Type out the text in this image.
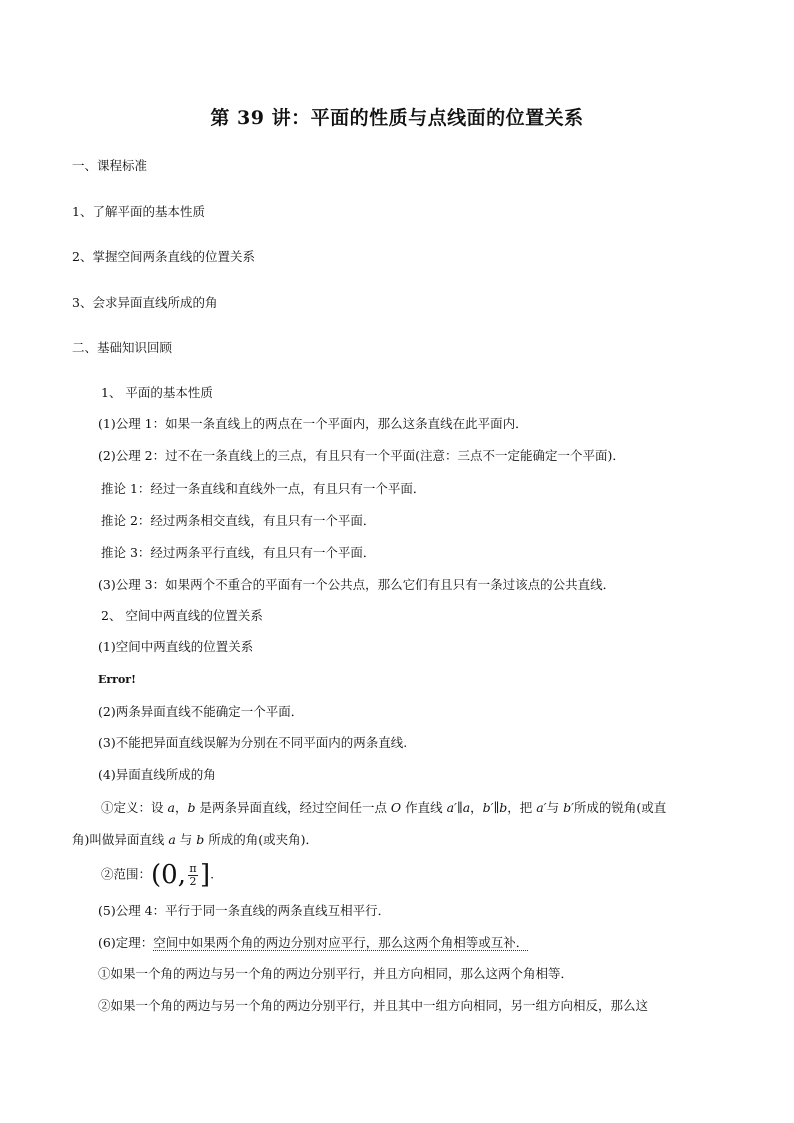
第 39 讲：平面的性质与点线面的位置关系
一、课程标准
1、了解平面的基本性质
2、掌握空间两条直线的位置关系
3、会求异面直线所成的角
二、基础知识回顾
1、 平面的基本性质
(1)公理 1：如果一条直线上的两点在一个平面内，那么这条直线在此平面内．
(2)公理 2：过不在一条直线上的三点，有且只有一个平面(注意：三点不一定能确定一个平面)．
推论 1：经过一条直线和直线外一点，有且只有一个平面．
推论 2：经过两条相交直线，有且只有一个平面．
推论 3：经过两条平行直线，有且只有一个平面．
(3)公理 3：如果两个不重合的平面有一个公共点，那么它们有且只有一条过该点的公共直线．
2、 空间中两直线的位置关系
(1)空间中两直线的位置关系
Error!
(2)两条异面直线不能确定一个平面．
(3)不能把异面直线误解为分别在不同平面内的两条直线.
(4)异面直线所成的角
①定义：设 a，b 是两条异面直线，经过空间任一点 O 作直线 a′∥a，b′∥b，把 a′与 b′所成的锐角(或直
角)叫做异面直线 a 与 b 所成的角(或夹角)．
②范围： (0, $\frac{\pi}{2}$ ] .
(5)公理 4：平行于同一条直线的两条直线互相平行．
(6)定理：空间中如果两个角的两边分别对应平行，那么这两个角相等或互补．
①如果一个角的两边与另一个角的两边分别平行，并且方向相同，那么这两个角相等．
②如果一个角的两边与另一个角的两边分别平行，并且其中一组方向相同，另一组方向相反，那么这
